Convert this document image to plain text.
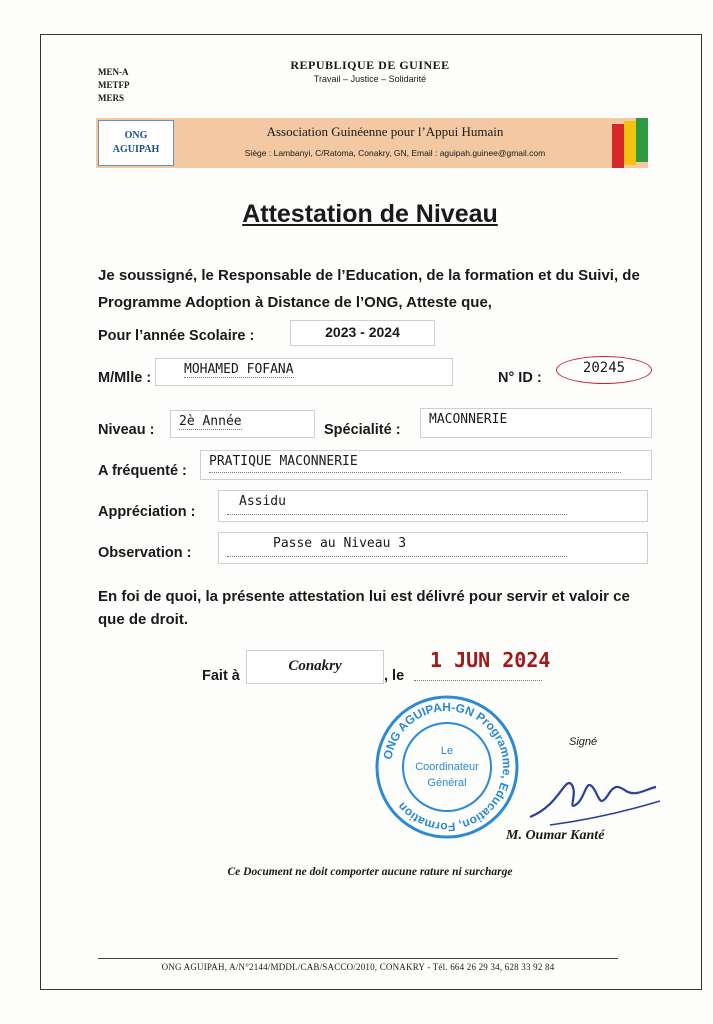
MEN-A
METFP
MERS
REPUBLIQUE DE GUINEE
Travail – Justice – Solidarité
ONG
AGUIPAH
Association Guinéenne pour l’Appui Humain
Siège : Lambanyi, C/Ratoma, Conakry, GN, Email : aguipah.guinee@gmail.com
Attestation de Niveau
Je soussigné, le Responsable de l’Education, de la formation et du Suivi, de Programme Adoption à Distance de l’ONG, Atteste que,
Pour l’année Scolaire :	2023 - 2024
M/Mlle :
MOHAMED FOFANA
N° ID :
20245
Niveau :
2è Année
Spécialité :
MACONNERIE
A fréquenté :
PRATIQUE MACONNERIE
Appréciation :
Assidu
Observation :
Passe au Niveau 3
En foi de quoi, la présente attestation lui est délivré pour servir et valoir ce que de droit.
Fait à
Conakry
, le
1 JUN 2024
ONG AGUIPAH-GN Programme, Education, Formation
Le
Coordinateur
Général
Signé
M. Oumar Kanté
Ce Document ne doit comporter aucune rature ni surcharge
ONG AGUIPAH, A/N°2144/MDDL/CAB/SACCO/2010, CONAKRY - Tél. 664 26 29 34, 628 33 92 84
